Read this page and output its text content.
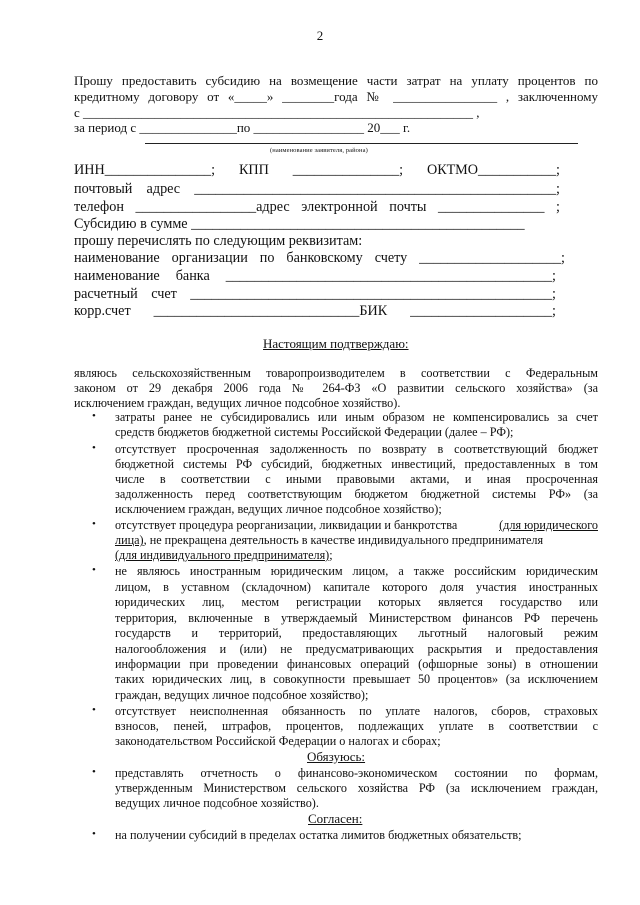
2
Прошу предоставить субсидию на возмещение части затрат на уплату процентов по
кредитному договору от «_____» ________года № ________________ , заключенному
с ____________________________________________________________ ,
за период с _______________по _________________ 20___ г.
(наименование заявителя, района)
ИНН_______________; КПП _______________; ОКТМО___________;
почтовый адрес ___________________________________________________;
телефон _________________адрес электронной почты _______________ ;
Субсидию в сумме _______________________________________________
прошу перечислять по следующим реквизитам:
наименование организации по банковскому счету ____________________;
наименование банка ______________________________________________;
расчетный счет ___________________________________________________;
корр.счет _____________________________БИК ____________________;
Настоящим подтверждаю:
являюсь сельскохозяйственным товаропроизводителем в соответствии с Федеральным
законом от 29 декабря 2006 года № 264-ФЗ «О развитии сельского хозяйства» (за
исключением граждан, ведущих личное подсобное хозяйство).
• затраты ранее не субсидировались или иным образом не компенсировались за счет
средств бюджетов бюджетной системы Российской Федерации (далее – РФ);
• отсутствует просроченная задолженность по возврату в соответствующий бюджет
бюджетной системы РФ субсидий, бюджетных инвестиций, предоставленных в том
числе в соответствии с иными правовыми актами, и иная просроченная
задолженность перед соответствующим бюджетом бюджетной системы РФ» (за
исключением граждан, ведущих личное подсобное хозяйство);
• отсутствует процедура реорганизации, ликвидации и банкротства	(для юридического
лица), не прекращена деятельность в качестве индивидуального предпринимателя
(для индивидуального предпринимателя);
• не являюсь иностранным юридическим лицом, а также российским юридическим
лицом, в уставном (складочном) капитале которого доля участия иностранных
юридических лиц, местом регистрации которых является государство или
территория, включенные в утверждаемый Министерством финансов РФ перечень
государств и территорий, предоставляющих льготный налоговый режим
налогообложения и (или) не предусматривающих раскрытия и предоставления
информации при проведении финансовых операций (офшорные зоны) в отношении
таких юридических лиц, в совокупности превышает 50 процентов» (за исключением
граждан, ведущих личное подсобное хозяйство);
• отсутствует неисполненная обязанность по уплате налогов, сборов, страховых
взносов, пеней, штрафов, процентов, подлежащих уплате в соответствии с
законодательством Российской Федерации о налогах и сборах;
Обязуюсь:
• представлять отчетность о финансово-экономическом состоянии по формам,
утвержденным Министерством сельского хозяйства РФ (за исключением граждан,
ведущих личное подсобное хозяйство).
Согласен:
• на получении субсидий в пределах остатка лимитов бюджетных обязательств;
